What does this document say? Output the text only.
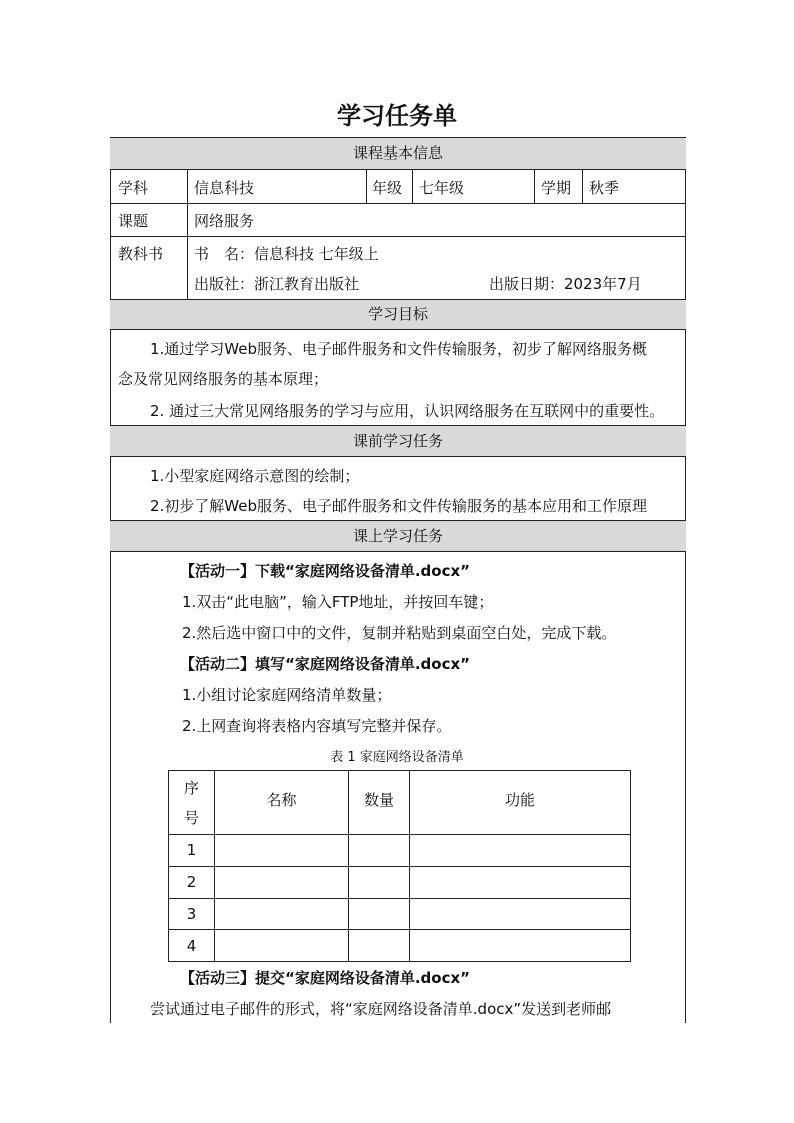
学习任务单
课程基本信息
学科	信息科技	年级 七年级	学期 秋季
课题	网络服务
教科书 书　名：信息科技 七年级上
出版社：浙江教育出版社	出版日期：2023年7月
学习目标
1.通过学习Web服务、电子邮件服务和文件传输服务，初步了解网络服务概
念及常见网络服务的基本原理；
2. 通过三大常见网络服务的学习与应用，认识网络服务在互联网中的重要性。
课前学习任务
1.小型家庭网络示意图的绘制；
2.初步了解Web服务、电子邮件服务和文件传输服务的基本应用和工作原理
课上学习任务
【活动一】下载“家庭网络设备清单.docx”
1.双击“此电脑”，输入FTP地址，并按回车键；
2.然后选中窗口中的文件，复制并粘贴到桌面空白处，完成下载。
【活动二】填写“家庭网络设备清单.docx”
1.小组讨论家庭网络清单数量；
2.上网查询将表格内容填写完整并保存。
表 1 家庭网络设备清单
序号	名称	数量	功能
1			
2			
3			
4			
【活动三】提交“家庭网络设备清单.docx”
尝试通过电子邮件的形式，将“家庭网络设备清单.docx”发送到老师邮
